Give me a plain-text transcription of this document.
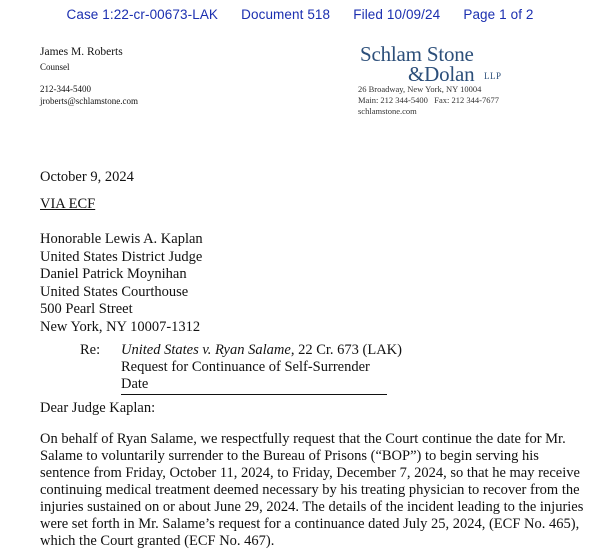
Case 1:22-cr-00673-LAK Document 518 Filed 10/09/24 Page 1 of 2
James M. Roberts
Counsel
212-344-5400
jroberts@schlamstone.com
Schlam Stone
&Dolan LLP
26 Broadway, New York, NY 10004
Main: 212 344-5400   Fax: 212 344-7677
schlamstone.com
October 9, 2024
VIA ECF
Honorable Lewis A. Kaplan
United States District Judge
Daniel Patrick Moynihan
United States Courthouse
500 Pearl Street
New York, NY 10007-1312
Re: United States v. Ryan Salame, 22 Cr. 673 (LAK)
Request for Continuance of Self-Surrender Date
Dear Judge Kaplan:
On behalf of Ryan Salame, we respectfully request that the Court continue the date for Mr.
Salame to voluntarily surrender to the Bureau of Prisons (“BOP”) to begin serving his
sentence from Friday, October 11, 2024, to Friday, December 7, 2024, so that he may receive
continuing medical treatment deemed necessary by his treating physician to recover from the
injuries sustained on or about June 29, 2024. The details of the incident leading to the injuries
were set forth in Mr. Salame’s request for a continuance dated July 25, 2024, (ECF No. 465),
which the Court granted (ECF No. 467).
